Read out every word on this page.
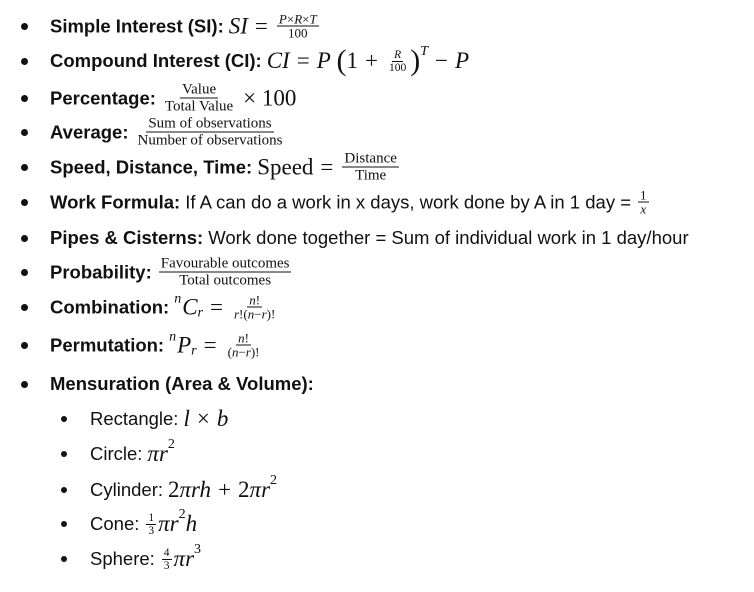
Simple Interest (SI): SI = $\frac{P\times R\times T}{100}$
Compound Interest (CI): CI = P
( $1 + \frac{R}{100}$ ) $^T$ − P
Percentage: $\frac{\text{Value}}{\text{Total Value}} \times 100$
Average: $\frac{\text{Sum of observations}}{\text{Number of observations}}$
Speed, Distance, Time: Speed = $\frac{\text{Distance}}{\text{Time}}$
Work Formula: If A can do a work in x days, work done by A in 1 day = $\frac{1}{x}$
Pipes & Cisterns: Work done together = Sum of individual work in 1 day/hour
Probability: $\frac{\text{Favourable outcomes}}{\text{Total outcomes}}$
Combination: n C $r = \frac{n!}{r!(n-r)!}$
Permutation: n P $r = \frac{n!}{(n-r)!}$
Mensuration (Area & Volume):
Rectangle: l × b
Circle: $\pi r^2$
Cylinder: 2 πrh + 2 $\pi r^2$
Cone: $\frac{1}{3} \pi r^2$ h
Sphere: $\frac{4}{3} \pi r^3$
